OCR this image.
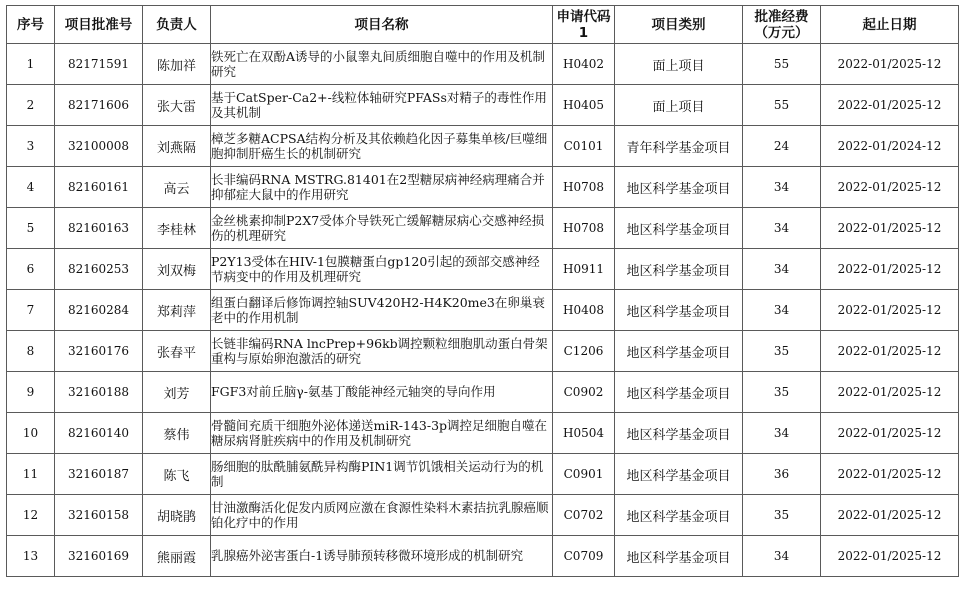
序号	项目批准号	负责人	项目名称	申请代码1	项目类别	批准经费（万元）	起止日期
1	82171591	陈加祥	铁死亡在双酚A诱导的小鼠睾丸间质细胞自噬中的作用及机制研究	H0402	面上项目	55	2022-01/2025-12
2	82171606	张大雷	基于CatSper-Ca2+-线粒体轴研究PFASs对精子的毒性作用及其机制	H0405	面上项目	55	2022-01/2025-12
3	32100008	刘燕隔	樟芝多糖ACPSA结构分析及其依赖趋化因子募集单核/巨噬细胞抑制肝癌生长的机制研究	C0101	青年科学基金项目	24	2022-01/2024-12
4	82160161	高云	长非编码RNA MSTRG.81401在2型糖尿病神经病理痛合并抑郁症大鼠中的作用研究	H0708	地区科学基金项目	34	2022-01/2025-12
5	82160163	李桂林	金丝桃素抑制P2X7受体介导铁死亡缓解糖尿病心交感神经损伤的机理研究	H0708	地区科学基金项目	34	2022-01/2025-12
6	82160253	刘双梅	P2Y13受体在HIV-1包膜糖蛋白gp120引起的颈部交感神经节病变中的作用及机理研究	H0911	地区科学基金项目	34	2022-01/2025-12
7	82160284	郑莉萍	组蛋白翻译后修饰调控轴SUV420H2-H4K20me3在卵巢衰老中的作用机制	H0408	地区科学基金项目	34	2022-01/2025-12
8	32160176	张春平	长链非编码RNA lncPrep+96kb调控颗粒细胞肌动蛋白骨架重构与原始卵泡激活的研究	C1206	地区科学基金项目	35	2022-01/2025-12
9	32160188	刘芳	FGF3对前丘脑γ-氨基丁酸能神经元轴突的导向作用	C0902	地区科学基金项目	35	2022-01/2025-12
10	82160140	蔡伟	骨髓间充质干细胞外泌体递送miR-143-3p调控足细胞自噬在糖尿病肾脏疾病中的作用及机制研究	H0504	地区科学基金项目	34	2022-01/2025-12
11	32160187	陈飞	肠细胞的肽酰脯氨酰异构酶PIN1调节饥饿相关运动行为的机制	C0901	地区科学基金项目	36	2022-01/2025-12
12	32160158	胡晓鹃	甘油激酶活化促发内质网应激在食源性染料木素拮抗乳腺癌顺铂化疗中的作用	C0702	地区科学基金项目	35	2022-01/2025-12
13	32160169	熊丽霞	乳腺癌外泌害蛋白-1诱导肺预转移微环境形成的机制研究	C0709	地区科学基金项目	34	2022-01/2025-12
